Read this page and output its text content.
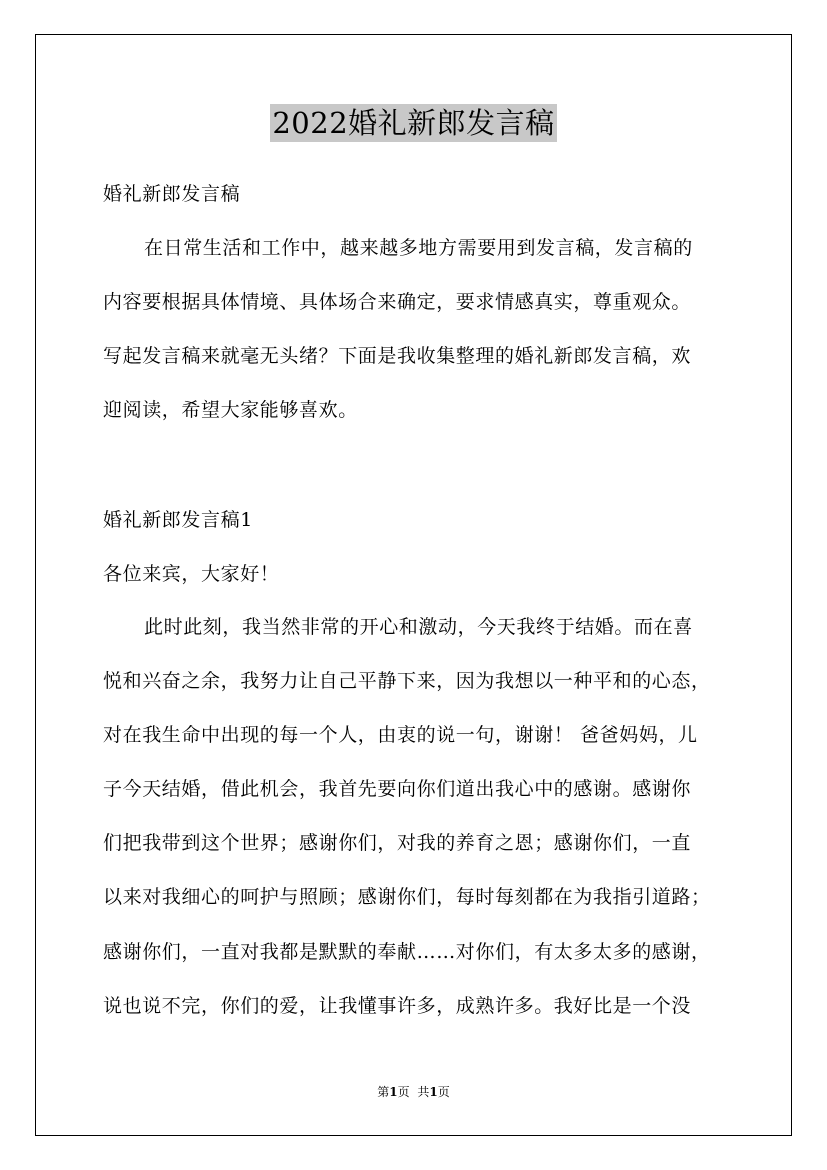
2022婚礼新郎发言稿
婚礼新郎发言稿
在日常生活和工作中，越来越多地方需要用到发言稿，发言稿的
内容要根据具体情境、具体场合来确定，要求情感真实，尊重观众。
写起发言稿来就毫无头绪？下面是我收集整理的婚礼新郎发言稿，欢
迎阅读，希望大家能够喜欢。
婚礼新郎发言稿1
各位来宾，大家好！
此时此刻，我当然非常的开心和激动，今天我终于结婚。而在喜
悦和兴奋之余，我努力让自己平静下来，因为我想以一种平和的心态，
对在我生命中出现的每一个人，由衷的说一句，谢谢！ 爸爸妈妈，儿
子今天结婚，借此机会，我首先要向你们道出我心中的感谢。感谢你
们把我带到这个世界；感谢你们，对我的养育之恩；感谢你们，一直
以来对我细心的呵护与照顾；感谢你们，每时每刻都在为我指引道路；
感谢你们，一直对我都是默默的奉献……对你们，有太多太多的感谢，
说也说不完，你们的爱，让我懂事许多，成熟许多。我好比是一个没
第1页 共1页
